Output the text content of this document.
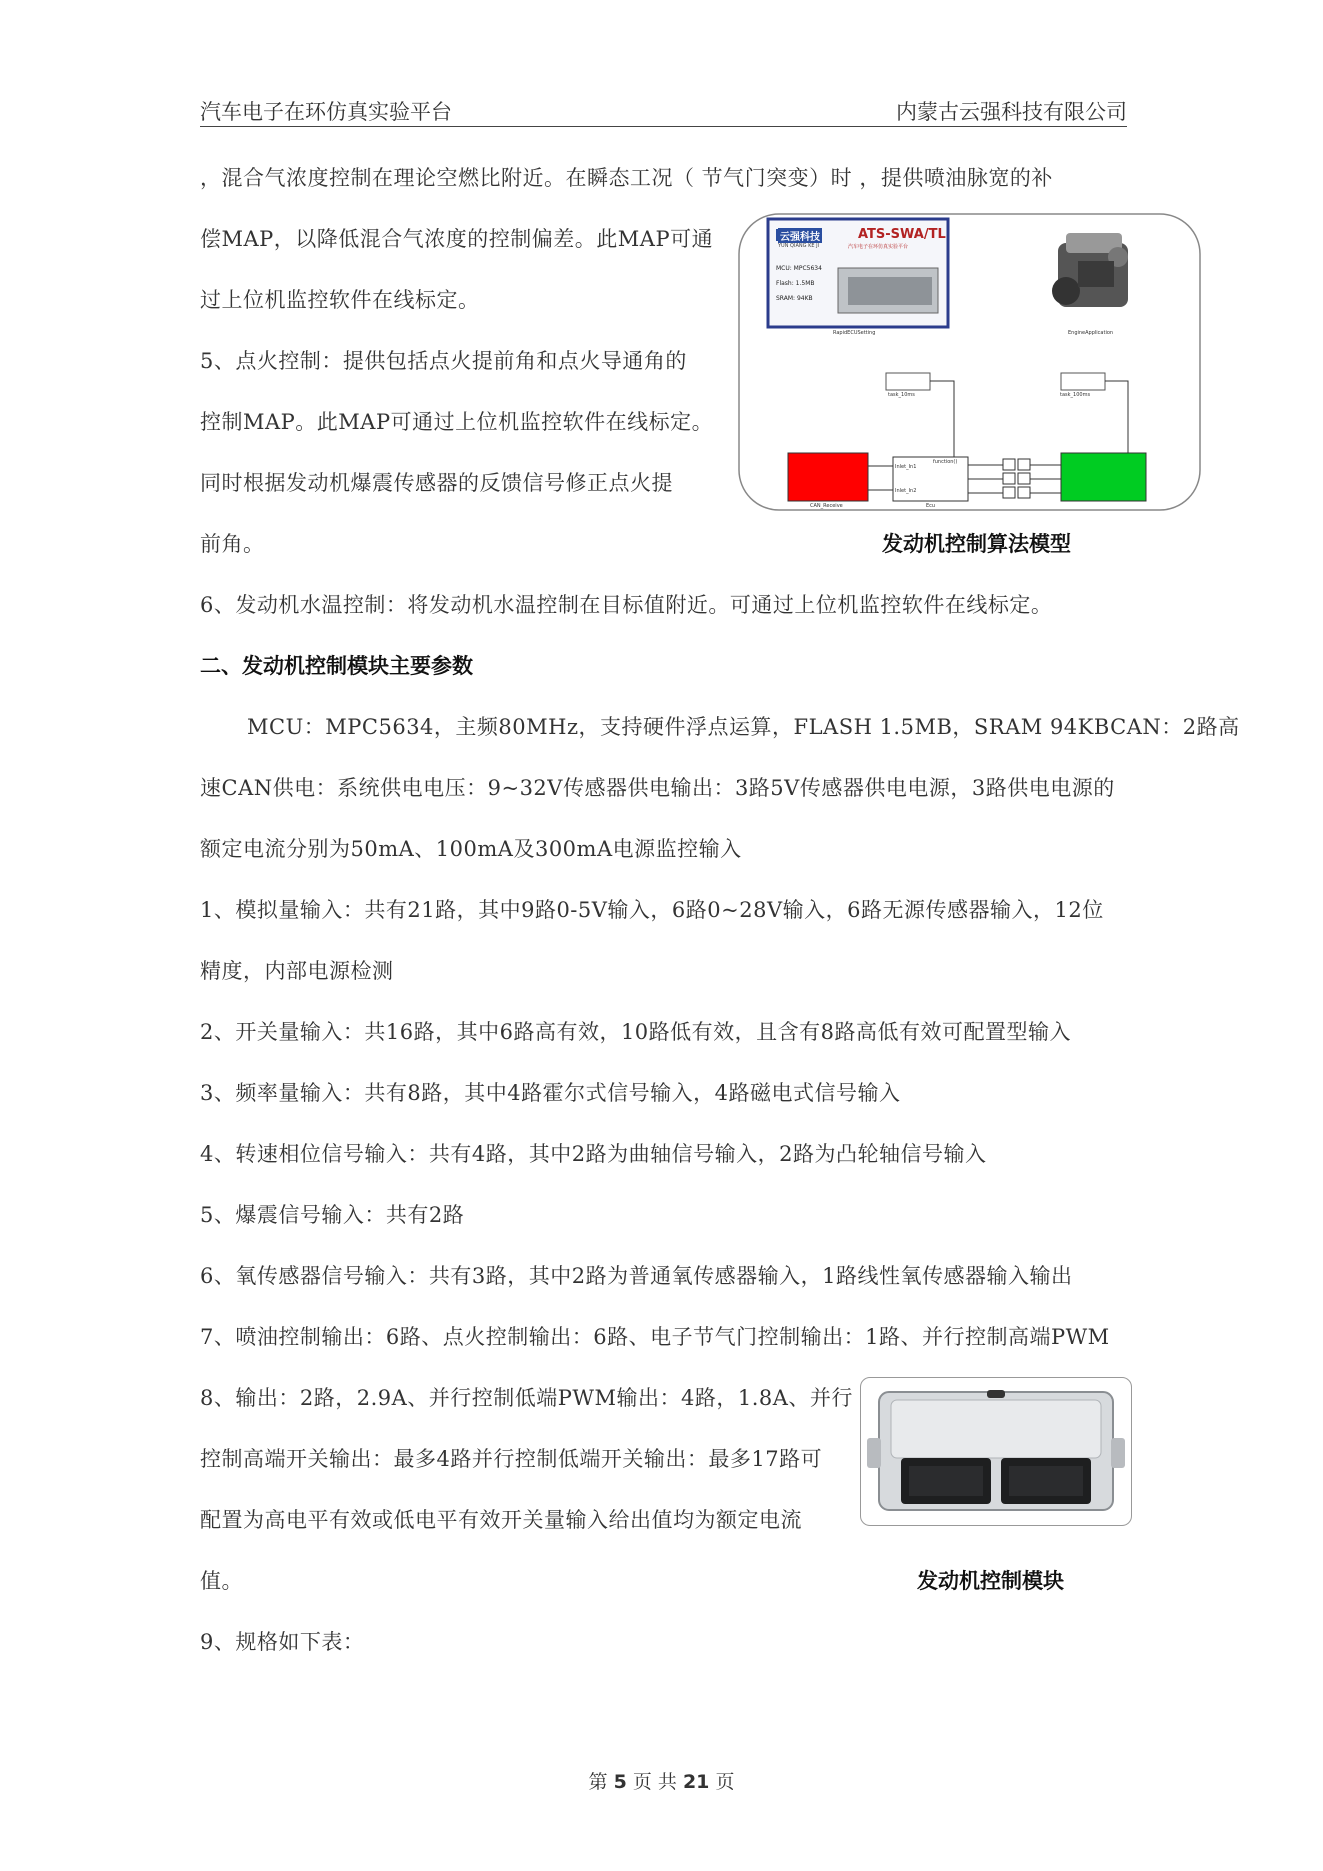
汽车电子在环仿真实验平台	内蒙古云强科技有限公司
，混合气浓度控制在理论空燃比附近。在瞬态工况（ 节气门突变）时 ，提供喷油脉宽的补
偿MAP，以降低混合气浓度的控制偏差。此MAP可通
过上位机监控软件在线标定。
5、点火控制：提供包括点火提前角和点火导通角的
控制MAP。此MAP可通过上位机监控软件在线标定。
同时根据发动机爆震传感器的反馈信号修正点火提
前角。
6、发动机水温控制：将发动机水温控制在目标值附近。可通过上位机监控软件在线标定。
云强科技
YUN QIANG KE JI
ATS-SWA/TL
汽车电子在环仿真实验平台
MCU: MPC5634
Flash: 1.5MB
SRAM: 94KB
RapidECUSetting	EngineApplication
task_10ms	task_100ms
function()
Inlet_In1
Inlet_In2
Ecu
CAN_Receive
发动机控制算法模型
二、发动机控制模块主要参数
MCU：MPC5634，主频80MHz，支持硬件浮点运算，FLASH 1.5MB，SRAM 94KBCAN：2路高
速CAN供电：系统供电电压：9~32V传感器供电输出：3路5V传感器供电电源，3路供电电源的
额定电流分别为50mA、100mA及300mA电源监控输入
1、模拟量输入：共有21路，其中9路0-5V输入，6路0~28V输入，6路无源传感器输入，12位
精度，内部电源检测
2、开关量输入：共16路，其中6路高有效，10路低有效，且含有8路高低有效可配置型输入
3、频率量输入：共有8路，其中4路霍尔式信号输入，4路磁电式信号输入
4、转速相位信号输入：共有4路，其中2路为曲轴信号输入，2路为凸轮轴信号输入
5、爆震信号输入：共有2路
6、氧传感器信号输入：共有3路，其中2路为普通氧传感器输入，1路线性氧传感器输入输出
7、喷油控制输出：6路、点火控制输出：6路、电子节气门控制输出：1路、并行控制高端PWM
8、输出：2路，2.9A、并行控制低端PWM输出：4路，1.8A、并行
控制高端开关输出：最多4路并行控制低端开关输出：最多17路可
配置为高电平有效或低电平有效开关量输入给出值均为额定电流
值。
9、规格如下表：
发动机控制模块
第 5 页 共 21 页
